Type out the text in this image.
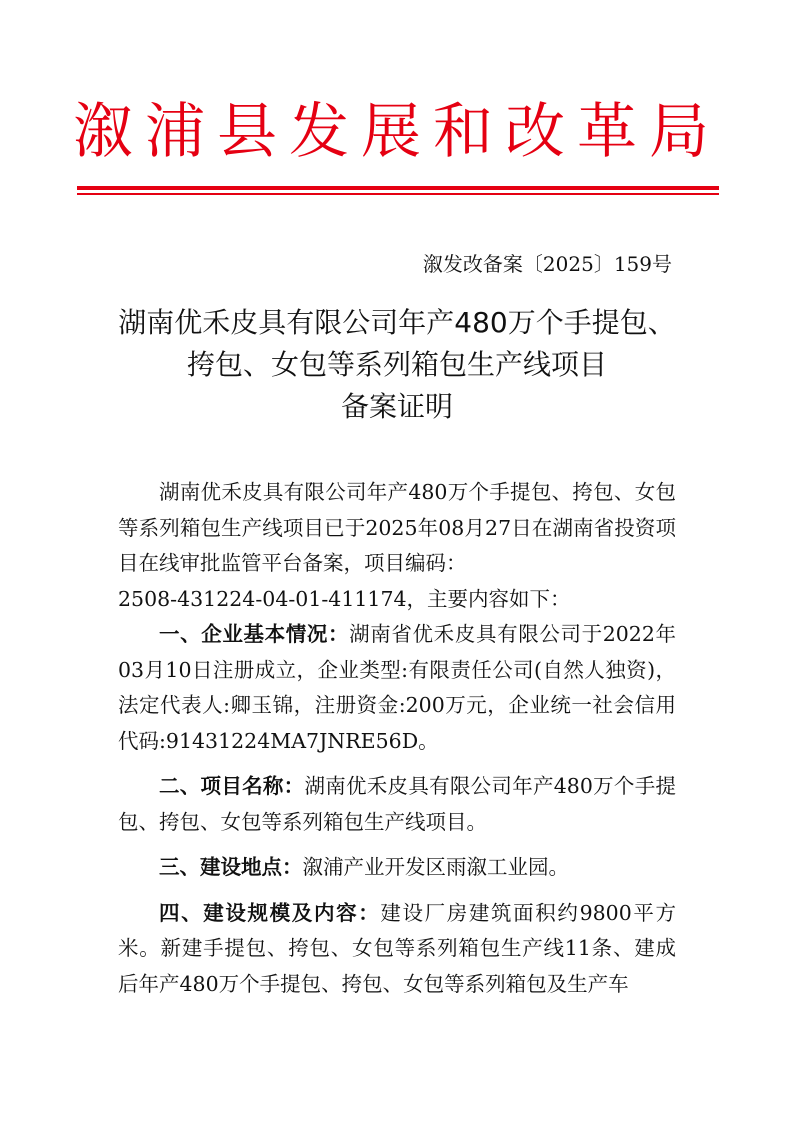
溆浦县发展和改革局
溆发改备案〔2025〕159号
湖南优禾皮具有限公司年产480万个手提包、
挎包、女包等系列箱包生产线项目
备案证明

湖南优禾皮具有限公司年产480万个手提包、挎包、女包等系列箱包生产线项目已于2025年08月27日在湖南省投资项目在线审批监管平台备案，项目编码：
2508-431224-04-01-411174，主要内容如下：

一、企业基本情况：湖南省优禾皮具有限公司于2022年03月10日注册成立，企业类型:有限责任公司(自然人独资)，法定代表人:卿玉锦，注册资金:200万元，企业统一社会信用代码:91431224MA7JNRE56D。

二、项目名称：湖南优禾皮具有限公司年产480万个手提包、挎包、女包等系列箱包生产线项目。

三、建设地点：溆浦产业开发区雨溆工业园。

四、建设规模及内容：建设厂房建筑面积约9800平方米。新建手提包、挎包、女包等系列箱包生产线11条、建成后年产480万个手提包、挎包、女包等系列箱包及生产车
